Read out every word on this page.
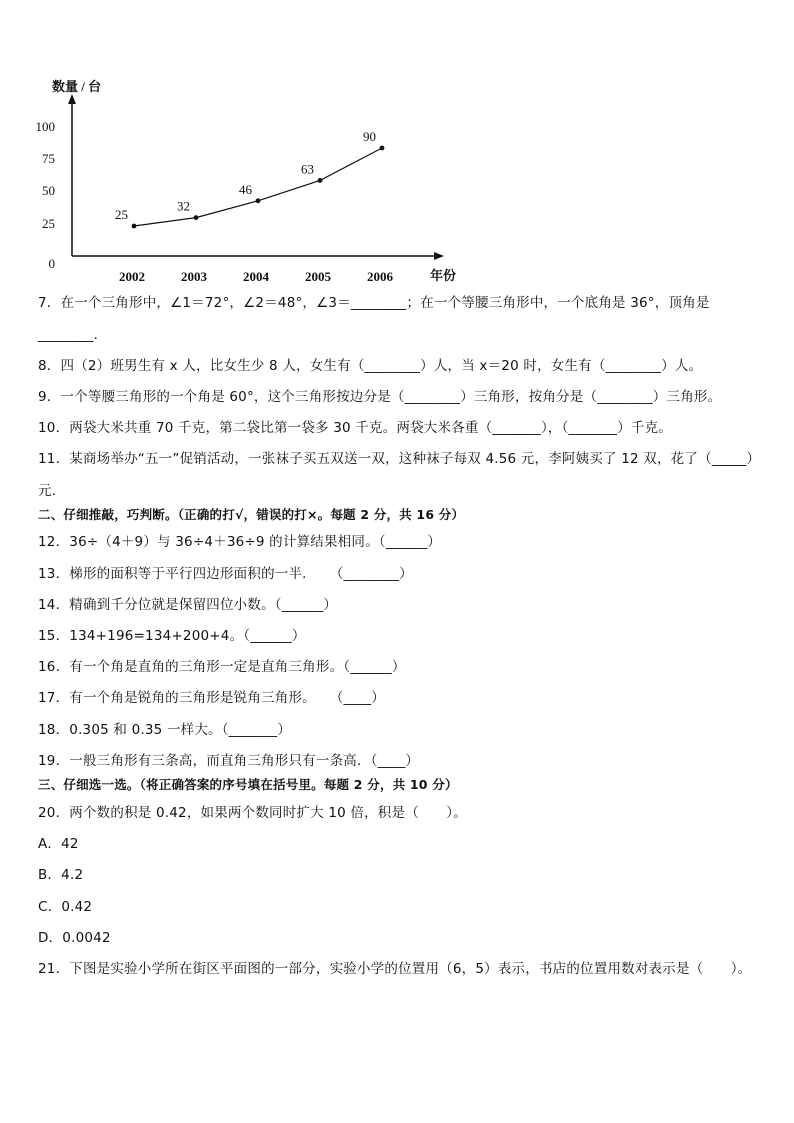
数量 / 台
年份
0
25
50
75
100
2002	2003	2004	2005	2006
25
32
46
63
90
7．在一个三角形中，∠1＝72°，∠2＝48°，∠3＝________；在一个等腰三角形中，一个底角是 36°，顶角是
________．
8．四（2）班男生有 x 人，比女生少 8 人，女生有（________）人，当 x＝20 时，女生有（________）人。
9．一个等腰三角形的一个角是 60°，这个三角形按边分是（________）三角形，按角分是（________）三角形。
10．两袋大米共重 70 千克，第二袋比第一袋多 30 千克。两袋大米各重（_______），（_______）千克。
11．某商场举办“五一”促销活动，一张袜子买五双送一双，这种袜子每双 4.56 元，李阿姨买了 12 双，花了（_____）
元.
二、仔细推敲，巧判断。（正确的打√，错误的打×。每题 2 分，共 16 分）
12．36÷（4＋9）与 36÷4＋36÷9 的计算结果相同。（______）
13．梯形的面积等于平行四边形面积的一半．　　（________）
14．精确到千分位就是保留四位小数。（______）
15．134+196=134+200+4。（______）
16．有一个角是直角的三角形一定是直角三角形。（______）
17．有一个角是锐角的三角形是锐角三角形。　　（____）
18．0.305 和 0.35 一样大。（_______）
19．一般三角形有三条高，而直角三角形只有一条高．（____）
三、仔细选一选。（将正确答案的序号填在括号里。每题 2 分，共 10 分）
20．两个数的积是 0.42，如果两个数同时扩大 10 倍，积是（　　）。
A．42
B．4.2
C．0.42
D．0.0042
21．下图是实验小学所在街区平面图的一部分，实验小学的位置用（6，5）表示，书店的位置用数对表示是（　　）。
